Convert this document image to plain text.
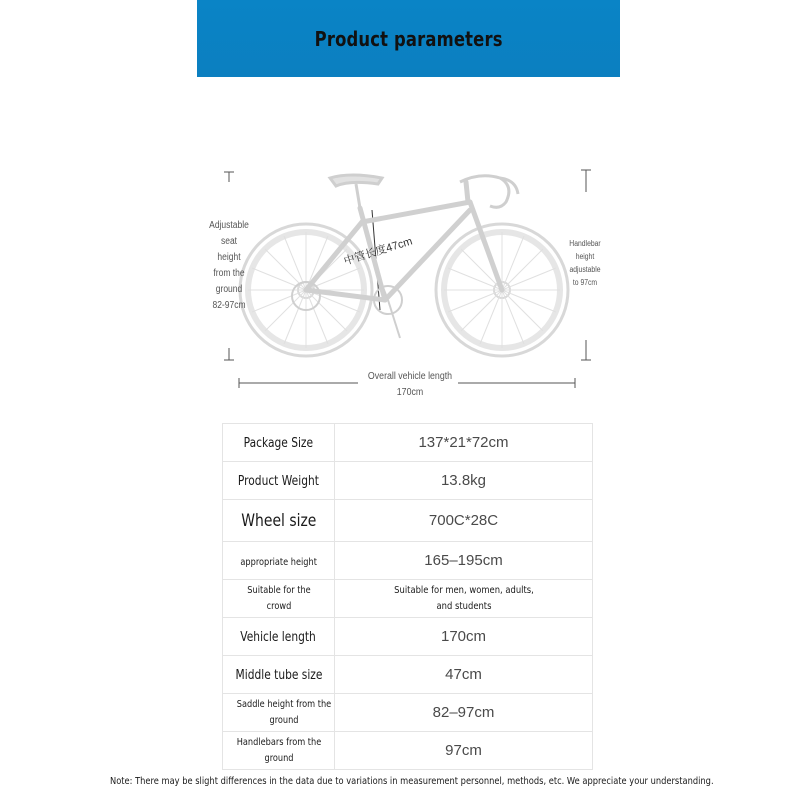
Product parameters
Adjustable
seat
height
from the
ground
82-97cm
Handlebar
height
adjustable
to 97cm
Overall vehicle length
170cm
中管长度47cm
Package Size	137*21*72cm
Product Weight	13.8kg
Wheel size	700C*28C
appropriate height	165–195cm
Suitable for the crowd	Suitable for men, women, adults, and students
Vehicle length	170cm
Middle tube size	47cm
Saddle height from the ground	82–97cm
Handlebars from the ground	97cm
Note: There may be slight differences in the data due to variations in measurement personnel, methods, etc. We appreciate your understanding.
